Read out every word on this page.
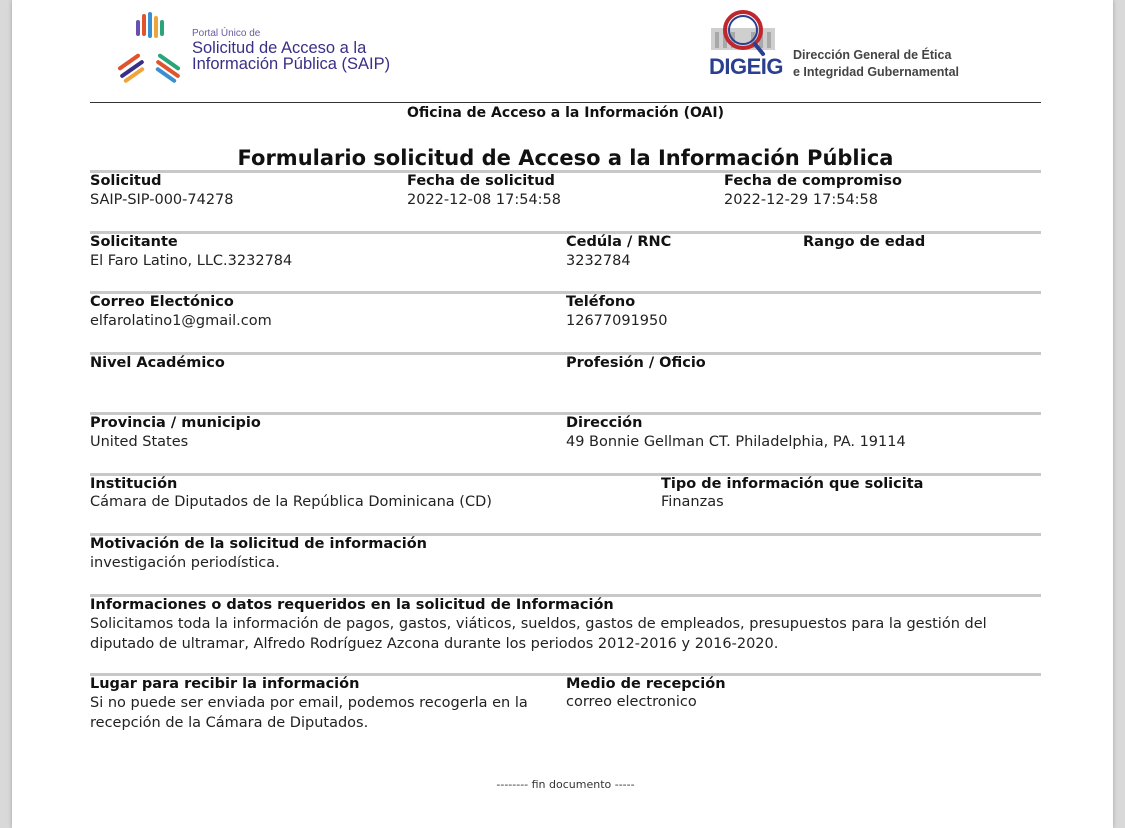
Portal Único de
Solicitud de Acceso a la
Información Pública (SAIP)	DIGEIG Dirección General de Ética
e Integridad Gubernamental
Oficina de Acceso a la Información (OAI)
Formulario solicitud de Acceso a la Información Pública
Solicitud
SAIP-SIP-000-74278
Fecha de solicitud
2022-12-08 17:54:58
Fecha de compromiso
2022-12-29 17:54:58
Solicitante
El Faro Latino, LLC.3232784
Cedúla / RNC
3232784
Rango de edad
Correo Electónico
elfarolatino1@gmail.com
Teléfono
12677091950
Nivel Académico	Profesión / Oficio
Provincia / municipio
United States
Dirección
49 Bonnie Gellman CT. Philadelphia, PA. 19114
Institución
Cámara de Diputados de la República Dominicana (CD)
Tipo de información que solicita
Finanzas
Motivación de la solicitud de información
investigación periodística.
Informaciones o datos requeridos en la solicitud de Información
Solicitamos toda la información de pagos, gastos, viáticos, sueldos, gastos de empleados, presupuestos para la gestión del diputado de ultramar, Alfredo Rodríguez Azcona durante los periodos 2012-2016 y 2016-2020.
Lugar para recibir la información
Si no puede ser enviada por email, podemos recogerla en la recepción de la Cámara de Diputados.
Medio de recepción
correo electronico
-------- fin documento -----
